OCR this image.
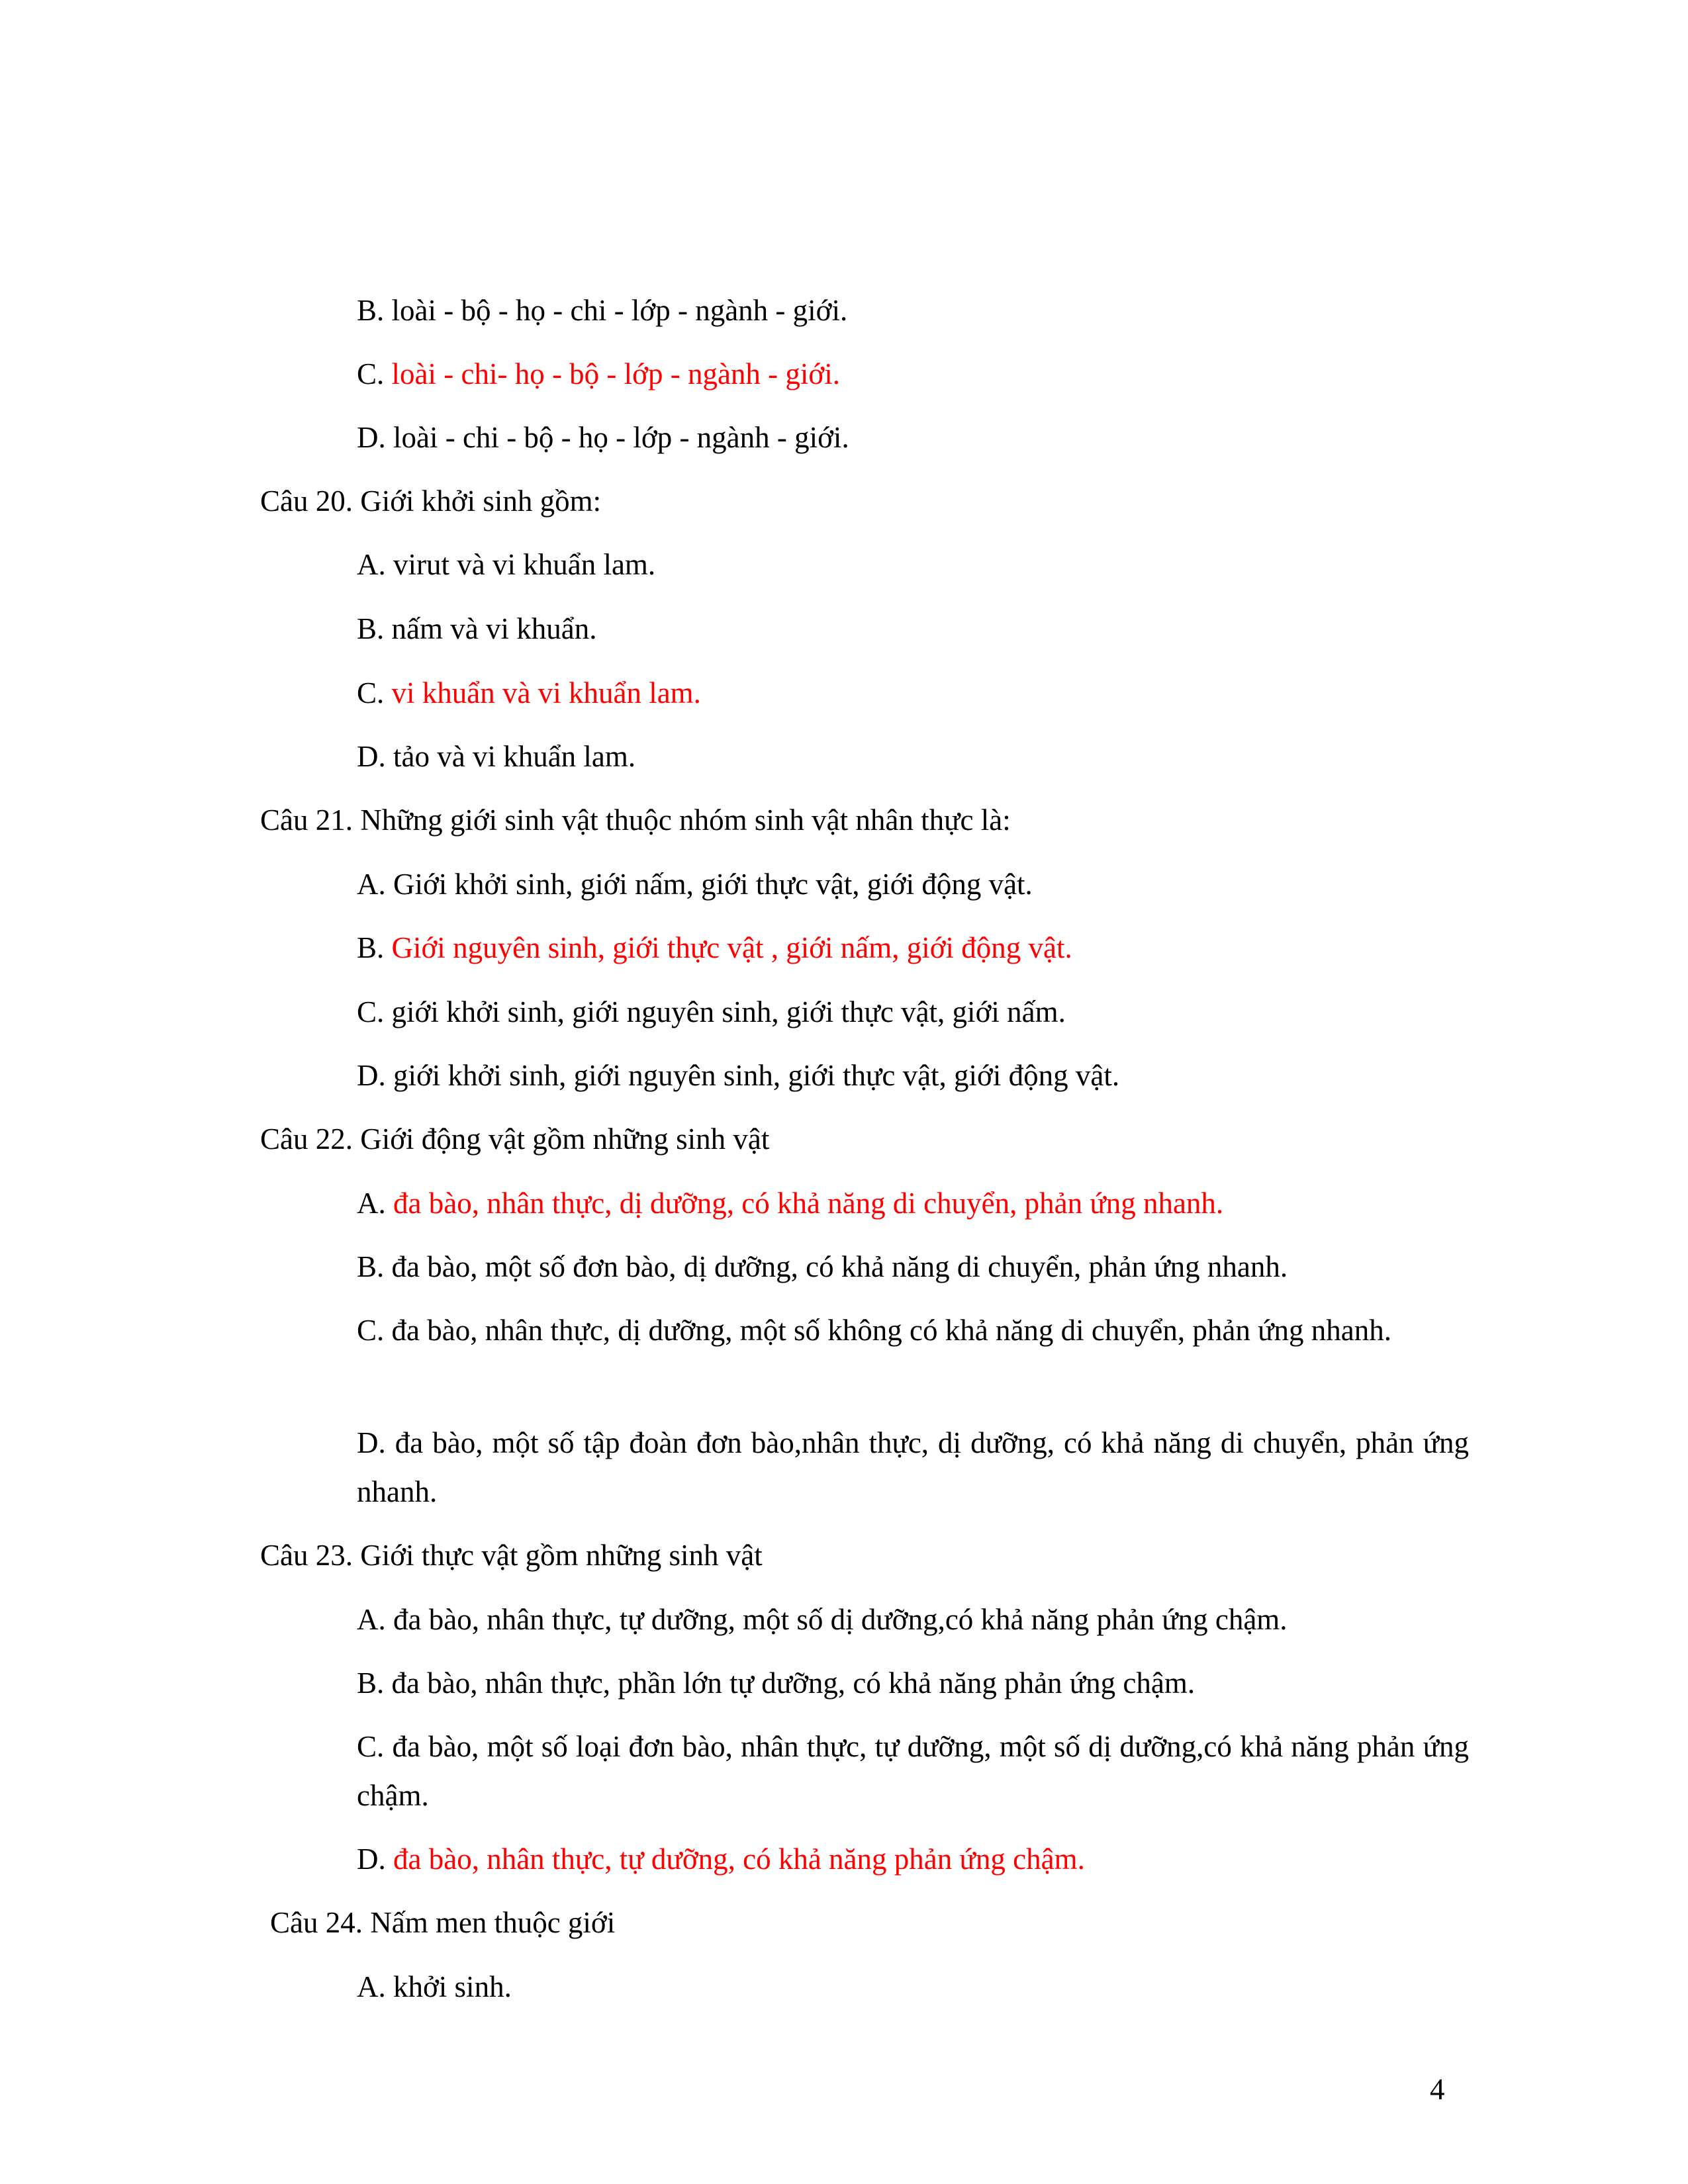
B. loài - bộ - họ - chi - lớp - ngành - giới.
C. loài - chi- họ - bộ - lớp - ngành - giới.
D. loài - chi - bộ - họ - lớp - ngành - giới.
Câu 20. Giới khởi sinh gồm:
A. virut và vi khuẩn lam.
B. nấm và vi khuẩn.
C. vi khuẩn và vi khuẩn lam.
D. tảo và vi khuẩn lam.
Câu 21. Những giới sinh vật thuộc nhóm sinh vật nhân thực là:
A. Giới khởi sinh, giới nấm, giới thực vật, giới động vật.
B. Giới nguyên sinh, giới thực vật , giới nấm, giới động vật.
C. giới khởi sinh, giới nguyên sinh, giới thực vật, giới nấm.
D. giới khởi sinh, giới nguyên sinh, giới thực vật, giới động vật.
Câu 22. Giới động vật gồm những sinh vật
A. đa bào, nhân thực, dị dưỡng, có khả năng di chuyển, phản ứng nhanh.
B. đa bào, một số đơn bào, dị dưỡng, có khả năng di chuyển, phản ứng nhanh.
C. đa bào, nhân thực, dị dưỡng, một số không có khả năng di chuyển, phản ứng nhanh.
D. đa bào, một số tập đoàn đơn bào,nhân thực, dị dưỡng, có khả năng di chuyển, phản ứng nhanh.
Câu 23. Giới thực vật gồm những sinh vật
A. đa bào, nhân thực, tự dưỡng, một số dị dưỡng,có khả năng phản ứng chậm.
B. đa bào, nhân thực, phần lớn tự dưỡng, có khả năng phản ứng chậm.
C. đa bào, một số loại đơn bào, nhân thực, tự dưỡng, một số dị dưỡng,có khả năng phản ứng chậm.
D. đa bào, nhân thực, tự dưỡng, có khả năng phản ứng chậm.
Câu 24. Nấm men thuộc giới
A. khởi sinh.
4
